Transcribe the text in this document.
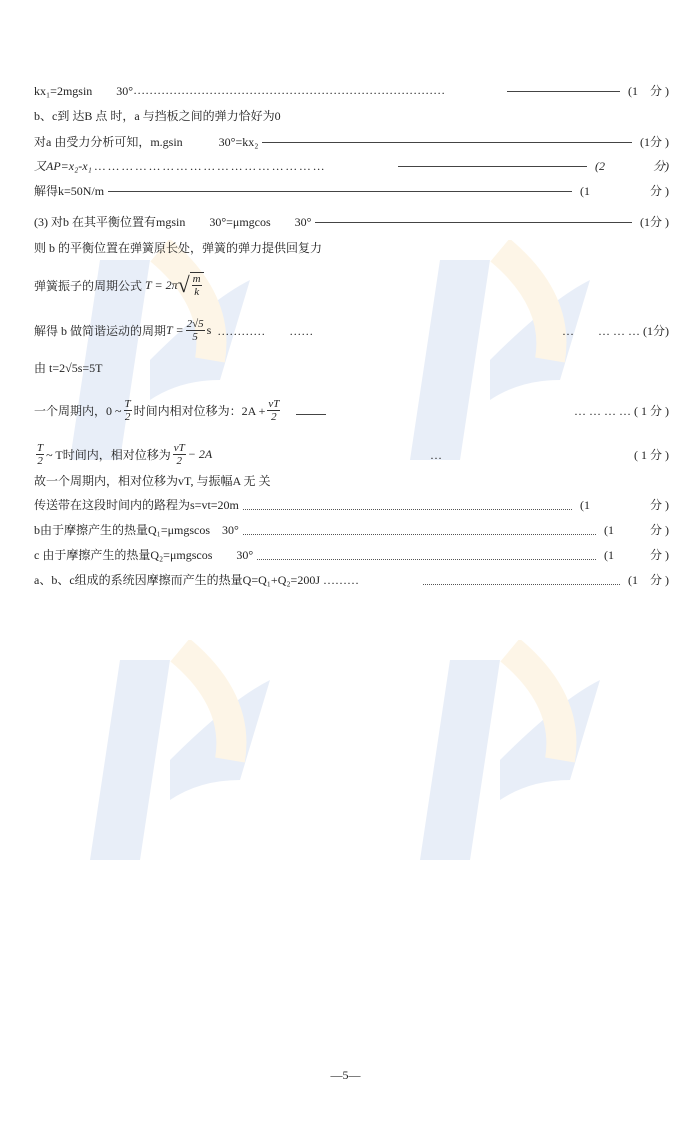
kx₁=2mgsin　　30° ……………………………………………………………………	(1　分 )
b、c到 达B 点 时，a 与挡板之间的弹力恰好为0
对a 由受力分析可知，m.gsin　　　30°=kx₂	(1分 )
又AP=x₂-x₁ … … … … … … … … … … … … … … … … …	(2　　　　分)
解得k=50N/m	(1　　　　　分 )
(3) 对b 在其平衡位置有mgsin　　30°=μmgcos　　30°	(1分 )
则 b 的平衡位置在弹簧原长处，弹簧的弹力提供回复力
弹簧振子的周期公式
T = 2π √ $\frac{m}{k}$
解得 b 做简谐运动的周期 $T = \frac{2√5}{5}$ s
…………　　……	…　　… … … (1分)
由 t=2√5s=5T
一个周期内，0 ~ $\frac{T}{2}$ 时间内相对位移为：$2A + \frac{vT}{2}$	… … … … ( 1 分 )
$\frac{T}{2}$ ~ T时间内，相对位移为 $\frac{vT}{2} - 2A$	…　　　　　　　　　　　　　　　　( 1 分 )
故一个周期内，相对位移为vT, 与振幅A 无 关
传送带在这段时间内的路程为s=vt=20m	(1　　　　　分 )
b由于摩擦产生的热量Q₁=μmgscos　30°	(1　　　分 )
c 由于摩擦产生的热量Q₂=μmgscos　　30°	(1　　　分 )
a、b、c组成的系统因摩擦而产生的热量Q=Q₁+Q₂=200J ………	(1　分 )
—5—
